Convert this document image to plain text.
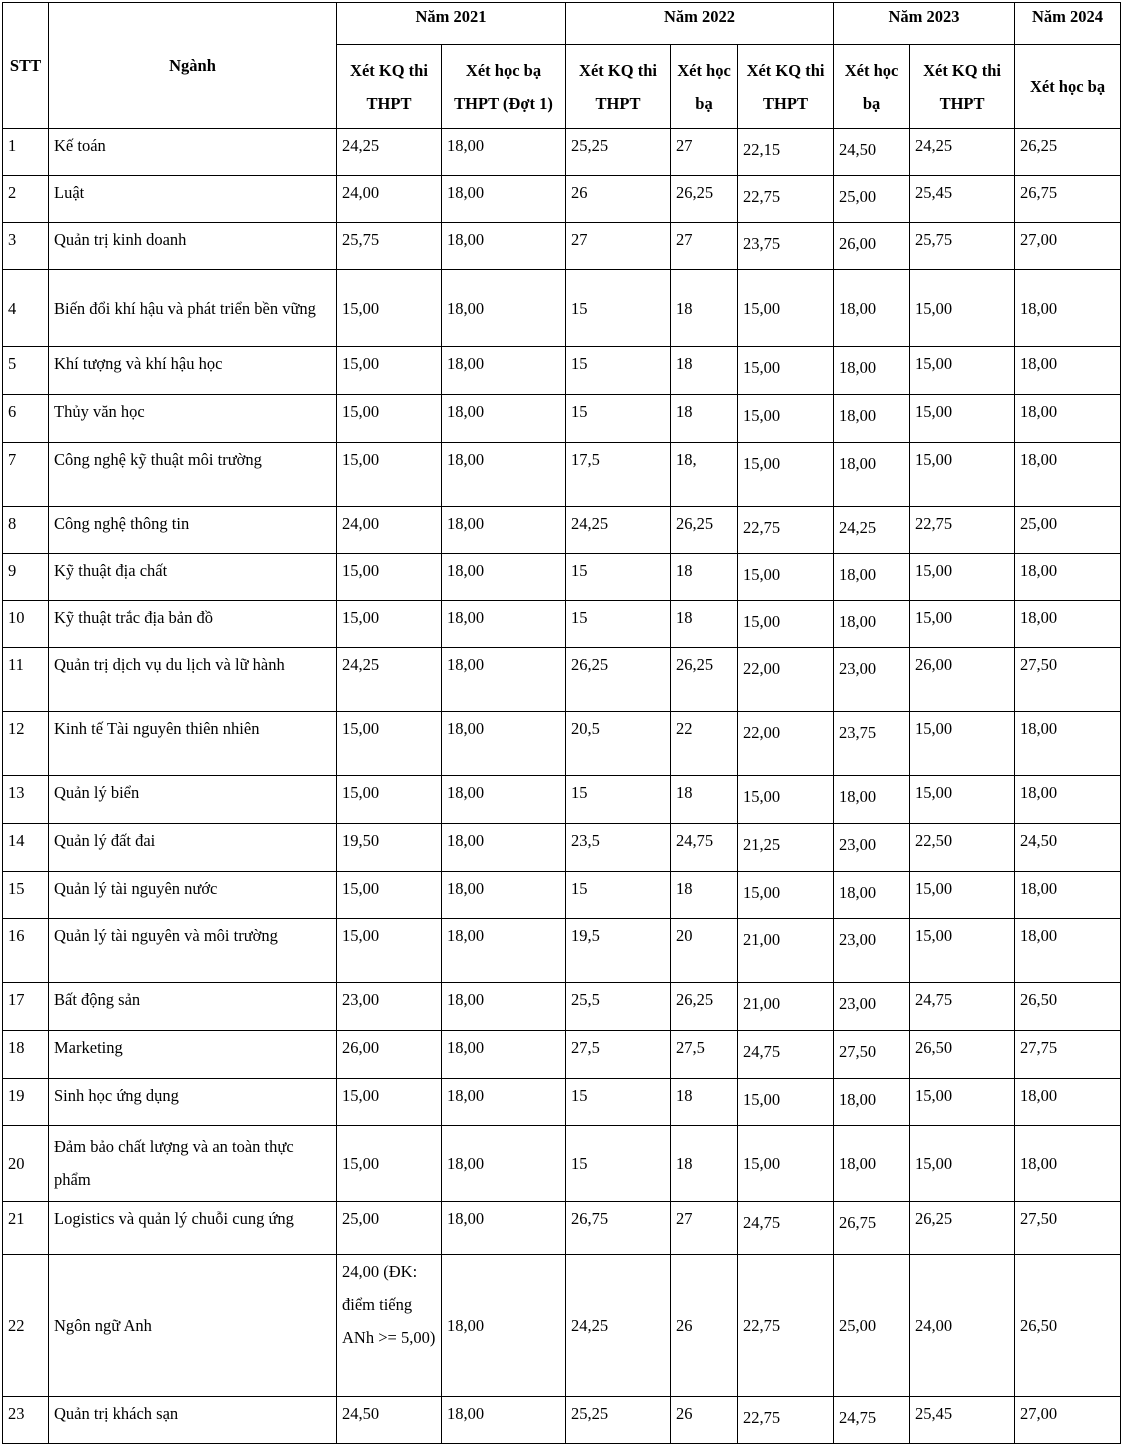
STT	Ngành	Năm 2021		Năm 2022			Năm 2023		Năm 2024
		Xét KQ thi THPT	Xét học bạ THPT (Đợt 1)	Xét KQ thi THPT	Xét học bạ	Xét KQ thi THPT	Xét học bạ	Xét KQ thi THPT	Xét học bạ
1	Kế toán	24,25	18,00	25,25	27	22,15	24,50	24,25	26,25
2	Luật	24,00	18,00	26	26,25	22,75	25,00	25,45	26,75
3	Quản trị kinh doanh	25,75	18,00	27	27	23,75	26,00	25,75	27,00
4	Biến đổi khí hậu và phát triển bền vững	15,00	18,00	15	18	15,00	18,00	15,00	18,00
5	Khí tượng và khí hậu học	15,00	18,00	15	18	15,00	18,00	15,00	18,00
6	Thủy văn học	15,00	18,00	15	18	15,00	18,00	15,00	18,00
7	Công nghệ kỹ thuật môi trường	15,00	18,00	17,5	18,	15,00	18,00	15,00	18,00
8	Công nghệ thông tin	24,00	18,00	24,25	26,25	22,75	24,25	22,75	25,00
9	Kỹ thuật địa chất	15,00	18,00	15	18	15,00	18,00	15,00	18,00
10	Kỹ thuật trắc địa bản đồ	15,00	18,00	15	18	15,00	18,00	15,00	18,00
11	Quản trị dịch vụ du lịch và lữ hành	24,25	18,00	26,25	26,25	22,00	23,00	26,00	27,50
12	Kinh tế Tài nguyên thiên nhiên	15,00	18,00	20,5	22	22,00	23,75	15,00	18,00
13	Quản lý biển	15,00	18,00	15	18	15,00	18,00	15,00	18,00
14	Quản lý đất đai	19,50	18,00	23,5	24,75	21,25	23,00	22,50	24,50
15	Quản lý tài nguyên nước	15,00	18,00	15	18	15,00	18,00	15,00	18,00
16	Quản lý tài nguyên và môi trường	15,00	18,00	19,5	20	21,00	23,00	15,00	18,00
17	Bất động sản	23,00	18,00	25,5	26,25	21,00	23,00	24,75	26,50
18	Marketing	26,00	18,00	27,5	27,5	24,75	27,50	26,50	27,75
19	Sinh học ứng dụng	15,00	18,00	15	18	15,00	18,00	15,00	18,00
20	Đảm bảo chất lượng và an toàn thực phẩm	15,00	18,00	15	18	15,00	18,00	15,00	18,00
21	Logistics và quản lý chuỗi cung ứng	25,00	18,00	26,75	27	24,75	26,75	26,25	27,50
22	Ngôn ngữ Anh	24,00 (ĐK: điểm tiếng ANh >= 5,00)	18,00	24,25	26	22,75	25,00	24,00	26,50
23	Quản trị khách sạn	24,50	18,00	25,25	26	22,75	24,75	25,45	27,00
